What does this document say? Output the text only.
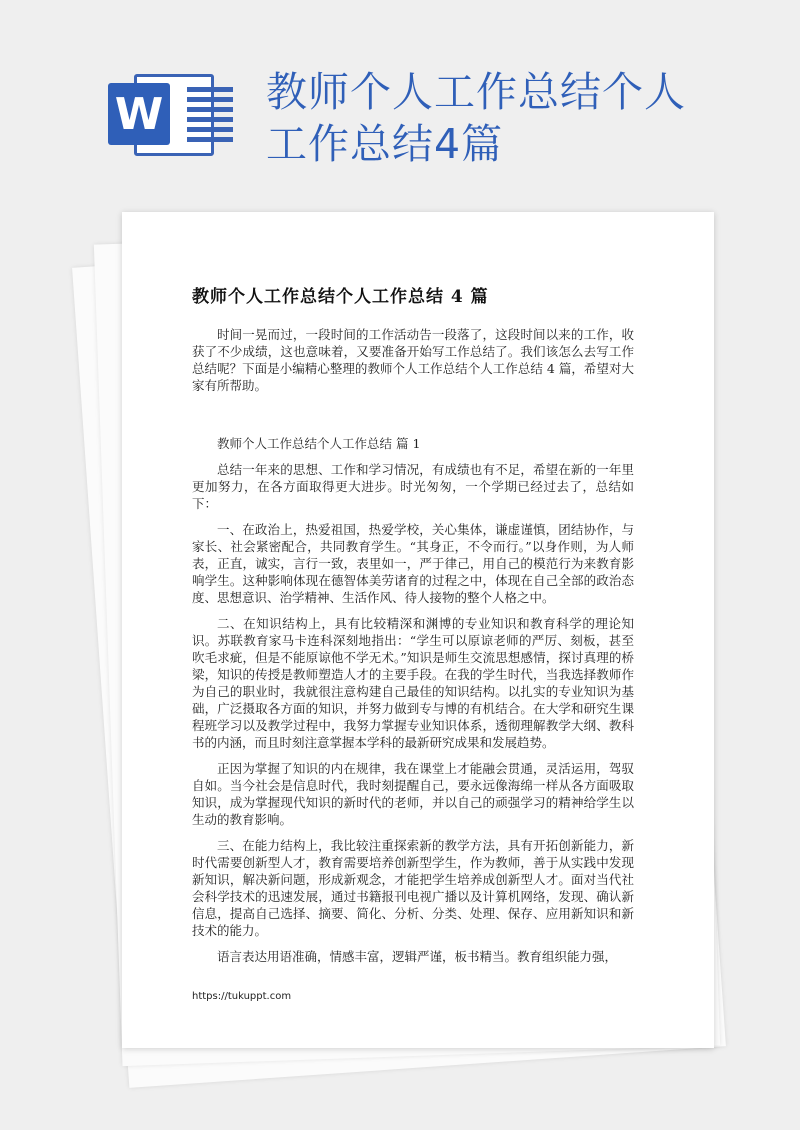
W	教师个人工作总结个人
工作总结4篇
教师个人工作总结个人工作总结 4 篇

时间一晃而过，一段时间的工作活动告一段落了，这段时间以来的工作，收获了不少成绩，这也意味着，又要准备开始写工作总结了。我们该怎么去写工作总结呢？下面是小编精心整理的教师个人工作总结个人工作总结 4 篇，希望对大家有所帮助。

教师个人工作总结个人工作总结 篇 1

总结一年来的思想、工作和学习情况，有成绩也有不足，希望在新的一年里更加努力，在各方面取得更大进步。时光匆匆，一个学期已经过去了，总结如下：

一、在政治上，热爱祖国，热爱学校，关心集体，谦虚谨慎，团结协作，与家长、社会紧密配合，共同教育学生。“其身正，不令而行。”以身作则，为人师表，正直，诚实，言行一致，表里如一，严于律己，用自己的模范行为来教育影响学生。这种影响体现在德智体美劳诸育的过程之中，体现在自己全部的政治态度、思想意识、治学精神、生活作风、待人接物的整个人格之中。

二、在知识结构上，具有比较精深和渊博的专业知识和教育科学的理论知识。苏联教育家马卡连科深刻地指出：“学生可以原谅老师的严厉、刻板，甚至吹毛求疵，但是不能原谅他不学无术。”知识是师生交流思想感情，探讨真理的桥梁，知识的传授是教师塑造人才的主要手段。在我的学生时代，当我选择教师作为自己的职业时，我就很注意构建自己最佳的知识结构。以扎实的专业知识为基础，广泛摄取各方面的知识，并努力做到专与博的有机结合。在大学和研究生课程班学习以及教学过程中，我努力掌握专业知识体系，透彻理解教学大纲、教科书的内涵，而且时刻注意掌握本学科的最新研究成果和发展趋势。

正因为掌握了知识的内在规律，我在课堂上才能融会贯通，灵活运用，驾驭自如。当今社会是信息时代，我时刻提醒自己，要永远像海绵一样从各方面吸取知识，成为掌握现代知识的新时代的老师，并以自己的顽强学习的精神给学生以生动的教育影响。

三、在能力结构上，我比较注重探索新的教学方法，具有开拓创新能力，新时代需要创新型人才，教育需要培养创新型学生，作为教师，善于从实践中发现新知识，解决新问题，形成新观念，才能把学生培养成创新型人才。面对当代社会科学技术的迅速发展，通过书籍报刊电视广播以及计算机网络，发现、确认新信息，提高自己选择、摘要、简化、分析、分类、处理、保存、应用新知识和新技术的能力。

语言表达用语准确，情感丰富，逻辑严谨，板书精当。教育组织能力强，

https://tukuppt.com
